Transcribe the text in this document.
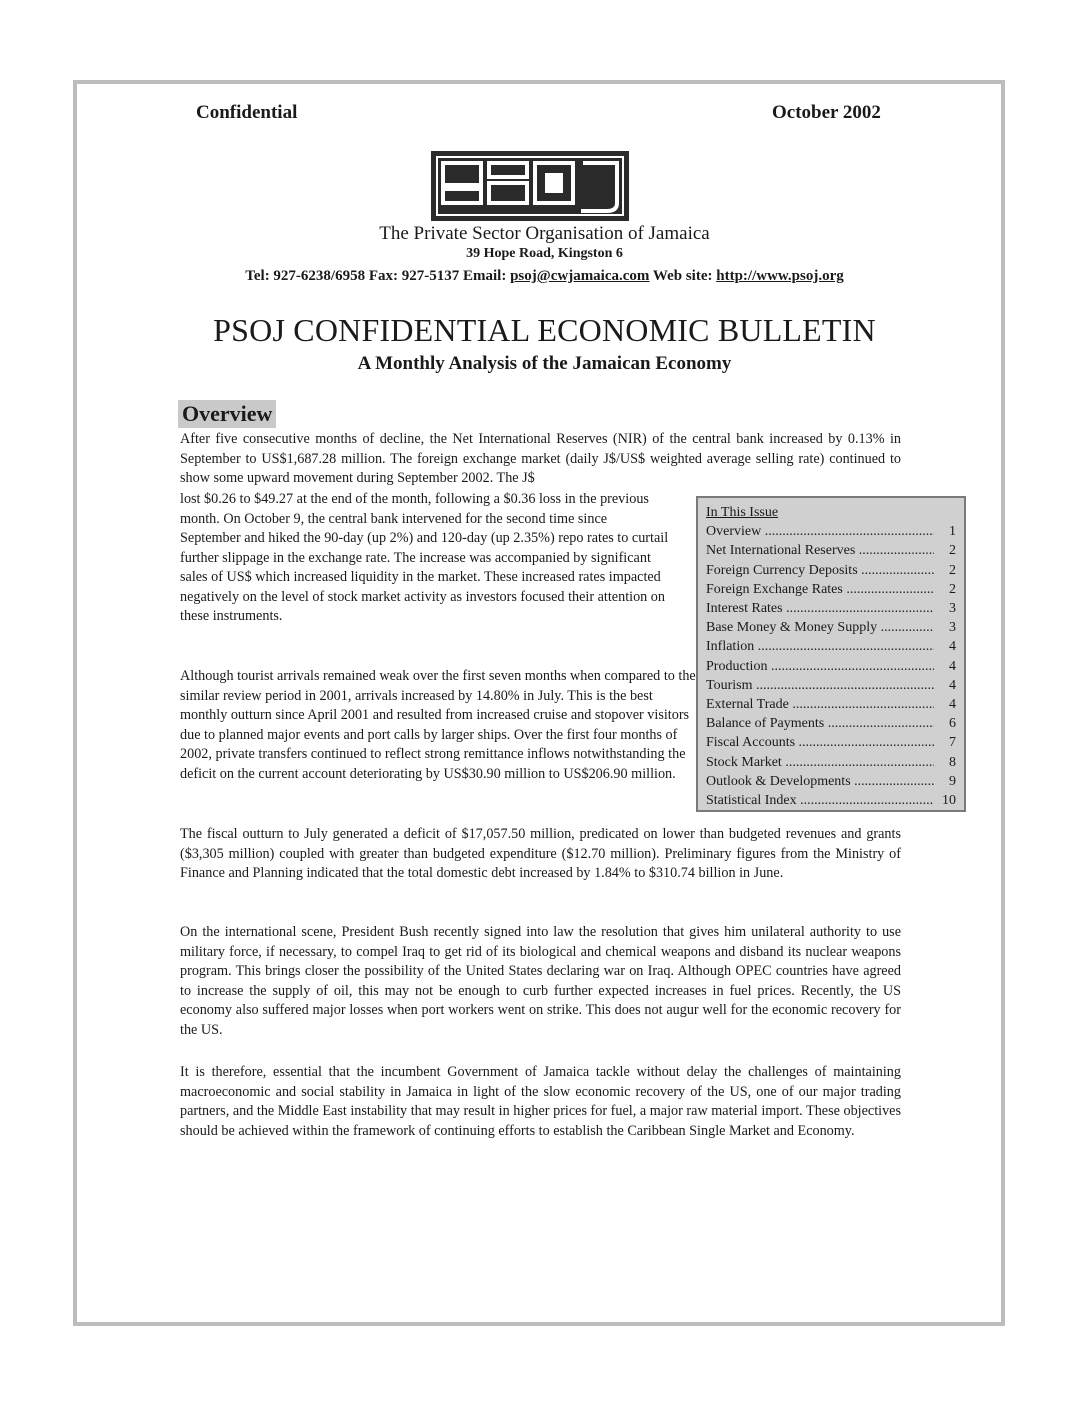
Confidential	October 2002
The Private Sector Organisation of Jamaica
39 Hope Road, Kingston 6
Tel: 927-6238/6958 Fax: 927-5137 Email: psoj@cwjamaica.com Web site: http://www.psoj.org
PSOJ CONFIDENTIAL ECONOMIC BULLETIN
A Monthly Analysis of the Jamaican Economy
Overview

After five consecutive months of decline, the Net International Reserves (NIR) of the central bank increased by 0.13% in September to US$1,687.28 million. The foreign exchange market (daily J$/US$ weighted average selling rate) continued to show some upward movement during September 2002. The J$

lost $0.26 to $49.27 at the end of the month, following a $0.36 loss in the previous month. On October 9, the central bank intervened for the second time since September and hiked the 90-day (up 2%) and 120-day (up 2.35%) repo rates to curtail further slippage in the exchange rate. The increase was accompanied by significant sales of US$ which increased liquidity in the market. These increased rates impacted negatively on the level of stock market activity as investors focused their attention on these instruments.

Although tourist arrivals remained weak over the first seven months when compared to the similar review period in 2001, arrivals increased by 14.80% in July. This is the best monthly outturn since April 2001 and resulted from increased cruise and stopover visitors due to planned major events and port calls by larger ships. Over the first four months of 2002, private transfers continued to reflect strong remittance inflows notwithstanding the deficit on the current account deteriorating by US$30.90 million to US$206.90 million.
In This Issue
Overview .....	1
Net International Reserves .....	2
Foreign Currency Deposits .....	2
Foreign Exchange Rates .....	2
Interest Rates .....	3
Base Money & Money Supply .....	3
Inflation .....	4
Production .....	4
Tourism .....	4
External Trade .....	4
Balance of Payments .....	6
Fiscal Accounts .....	7
Stock Market .....	8
Outlook & Developments .....	9
Statistical Index .....	10

The fiscal outturn to July generated a deficit of $17,057.50 million, predicated on lower than budgeted revenues and grants ($3,305 million) coupled with greater than budgeted expenditure ($12.70 million). Preliminary figures from the Ministry of Finance and Planning indicated that the total domestic debt increased by 1.84% to $310.74 billion in June.

On the international scene, President Bush recently signed into law the resolution that gives him unilateral authority to use military force, if necessary, to compel Iraq to get rid of its biological and chemical weapons and disband its nuclear weapons program. This brings closer the possibility of the United States declaring war on Iraq. Although OPEC countries have agreed to increase the supply of oil, this may not be enough to curb further expected increases in fuel prices. Recently, the US economy also suffered major losses when port workers went on strike. This does not augur well for the economic recovery for the US.

It is therefore, essential that the incumbent Government of Jamaica tackle without delay the challenges of maintaining macroeconomic and social stability in Jamaica in light of the slow economic recovery of the US, one of our major trading partners, and the Middle East instability that may result in higher prices for fuel, a major raw material import. These objectives should be achieved within the framework of continuing efforts to establish the Caribbean Single Market and Economy.
